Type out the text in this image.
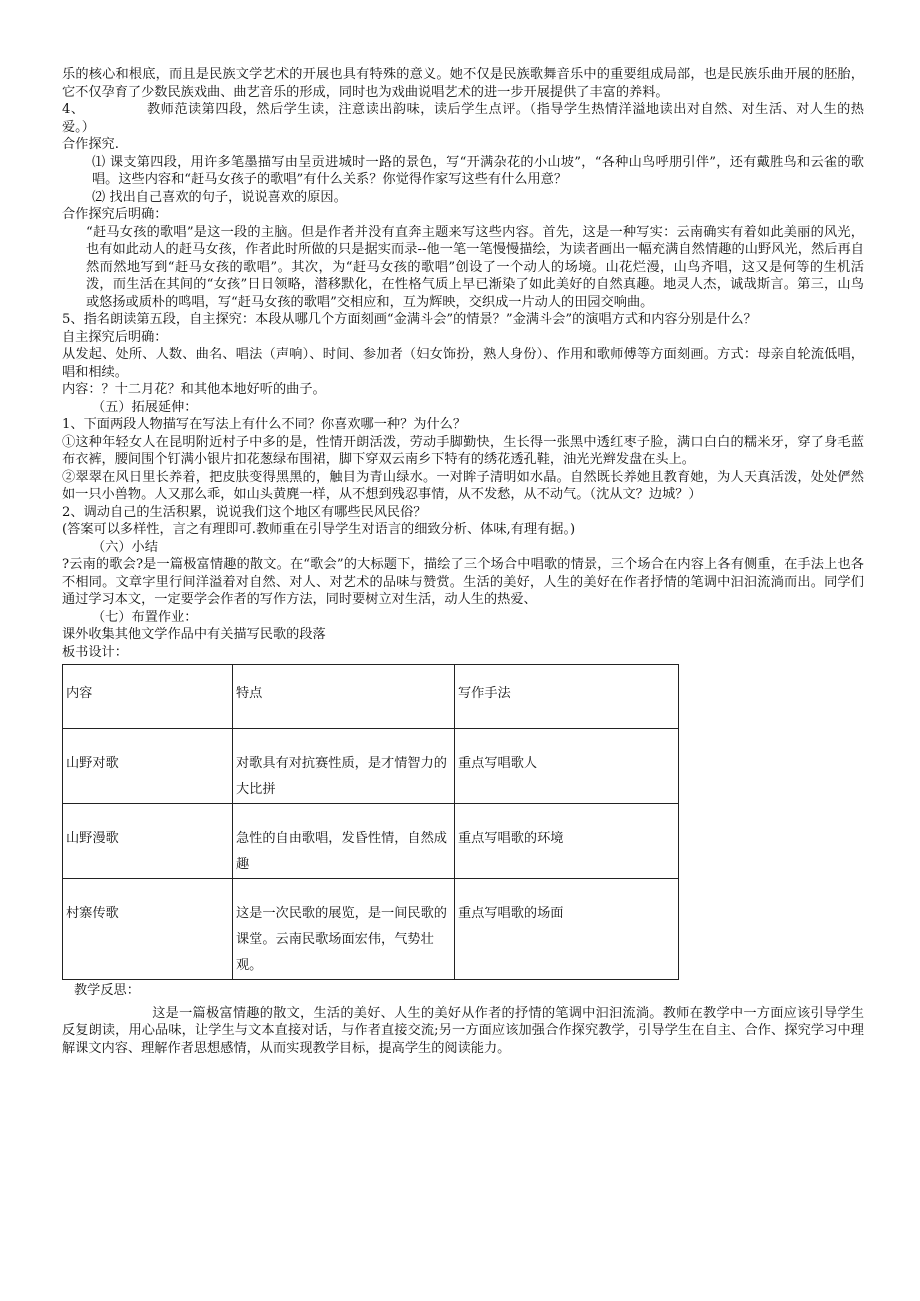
乐的核心和根底，而且是民族文学艺术的开展也具有特殊的意义。她不仅是民族歌舞音乐中的重要组成局部，也是民族乐曲开展的胚胎，它不仅孕育了少数民族戏曲、曲艺音乐的形成，同时也为戏曲说唱艺术的进一步开展提供了丰富的养料。

4、	教师范读第四段，然后学生读，注意读出韵味，读后学生点评。（指导学生热情洋溢地读出对自然、对生活、对人生的热爱。）

合作探究.

⑴ 课支第四段，用许多笔墨描写由呈贡进城时一路的景色，写“开满杂花的小山坡”，“各种山鸟呼朋引伴”，还有戴胜鸟和云雀的歌唱。这些内容和“赶马女孩子的歌唱”有什么关系？你觉得作家写这些有什么用意？

⑵ 找出自己喜欢的句子，说说喜欢的原因。

合作探究后明确：

“赶马女孩的歌唱”是这一段的主脑。但是作者并没有直奔主题来写这些内容。首先，这是一种写实：云南确实有着如此美丽的风光，也有如此动人的赶马女孩，作者此时所做的只是据实而录--他一笔一笔慢慢描绘，为读者画出一幅充满自然情趣的山野风光，然后再自然而然地写到“赶马女孩的歌唱”。其次，为“赶马女孩的歌唱”创设了一个动人的场境。山花烂漫，山鸟齐唱，这又是何等的生机活泼，而生活在其间的“女孩”日日领略，潜移默化，在性格气质上早已渐染了如此美好的自然真趣。地灵人杰，诚哉斯言。第三，山鸟或悠扬或质朴的鸣唱，写“赶马女孩的歌唱”交相应和，互为辉映，交织成一片动人的田园交响曲。

5、指名朗读第五段，自主探究：本段从哪几个方面刻画“金满斗会”的情景？”金满斗会”的演唱方式和内容分别是什么？

自主探究后明确：

从发起、处所、人数、曲名、唱法（声响）、时间、参加者（妇女饰扮，熟人身份）、作用和歌师傅等方面刻画。方式：母亲自轮流低唱，唱和相续。

内容：？十二月花？和其他本地好听的曲子。

（五）拓展延伸：

1、下面两段人物描写在写法上有什么不同？你喜欢哪一种？为什么？

①这种年轻女人在昆明附近村子中多的是，性情开朗活泼，劳动手脚勤快，生长得一张黑中透红枣子脸，满口白白的糯米牙，穿了身毛蓝布衣裤，腰间围个钉满小银片扣花葱绿布围裙，脚下穿双云南乡下特有的绣花透孔鞋，油光光辫发盘在头上。

②翠翠在风日里长养着，把皮肤变得黑黑的，触目为青山绿水。一对眸子清明如水晶。自然既长养她且教育她，为人天真活泼，处处俨然如一只小兽物。人又那么乖，如山头黄麂一样，从不想到残忍事情，从不发愁，从不动气。（沈从文？边城？）

2、调动自己的生活积累，说说我们这个地区有哪些民风民俗？

(答案可以多样性，言之有理即可.教师重在引导学生对语言的细致分析、体味,有理有据。)

（六）小结

?云南的歌会?是一篇极富情趣的散文。在“歌会”的大标题下，描绘了三个场合中唱歌的情景，三个场合在内容上各有侧重，在手法上也各不相同。文章字里行间洋溢着对自然、对人、对艺术的品味与赞赏。生活的美好，人生的美好在作者抒情的笔调中汩汩流淌而出。同学们通过学习本文，一定要学会作者的写作方法，同时要树立对生活，动人生的热爱、

（七）布置作业：

课外收集其他文学作品中有关描写民歌的段落

板书设计：

内容	特点	写作手法
山野对歌	对歌具有对抗赛性质，是才情智力的大比拼	重点写唱歌人
山野漫歌	急性的自由歌唱，发昏性情，自然成趣	重点写唱歌的环境
村寨传歌	这是一次民歌的展览，是一间民歌的课堂。云南民歌场面宏伟，气势壮观。	重点写唱歌的场面

教学反思：

这是一篇极富情趣的散文，生活的美好、人生的美好从作者的抒情的笔调中汩汩流淌。教师在教学中一方面应该引导学生反复朗读，用心品味，让学生与文本直接对话，与作者直接交流;另一方面应该加强合作探究教学，引导学生在自主、合作、探究学习中理解课文内容、理解作者思想感情，从而实现教学目标，提高学生的阅读能力。
